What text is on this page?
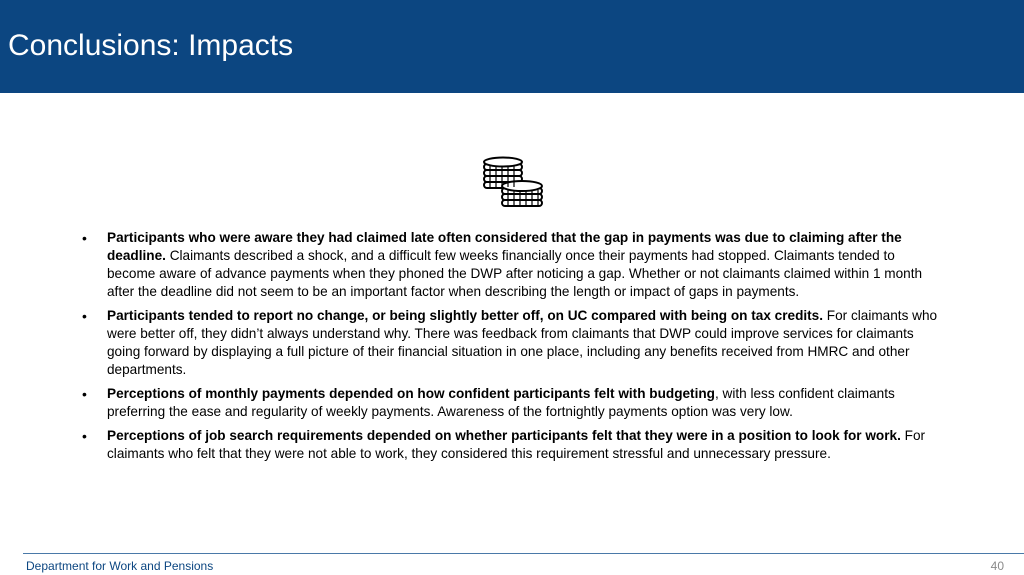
Conclusions: Impacts
• Participants who were aware they had claimed late often considered that the gap in payments was due to claiming after the deadline. Claimants described a shock, and a difficult few weeks financially once their payments had stopped. Claimants tended to become aware of advance payments when they phoned the DWP after noticing a gap. Whether or not claimants claimed within 1 month after the deadline did not seem to be an important factor when describing the length or impact of gaps in payments.
• Participants tended to report no change, or being slightly better off, on UC compared with being on tax credits. For claimants who were better off, they didn’t always understand why. There was feedback from claimants that DWP could improve services for claimants going forward by displaying a full picture of their financial situation in one place, including any benefits received from HMRC and other departments.
• Perceptions of monthly payments depended on how confident participants felt with budgeting, with less confident claimants preferring the ease and regularity of weekly payments. Awareness of the fortnightly payments option was very low.
• Perceptions of job search requirements depended on whether participants felt that they were in a position to look for work. For claimants who felt that they were not able to work, they considered this requirement stressful and unnecessary pressure.
Department for Work and Pensions	40
